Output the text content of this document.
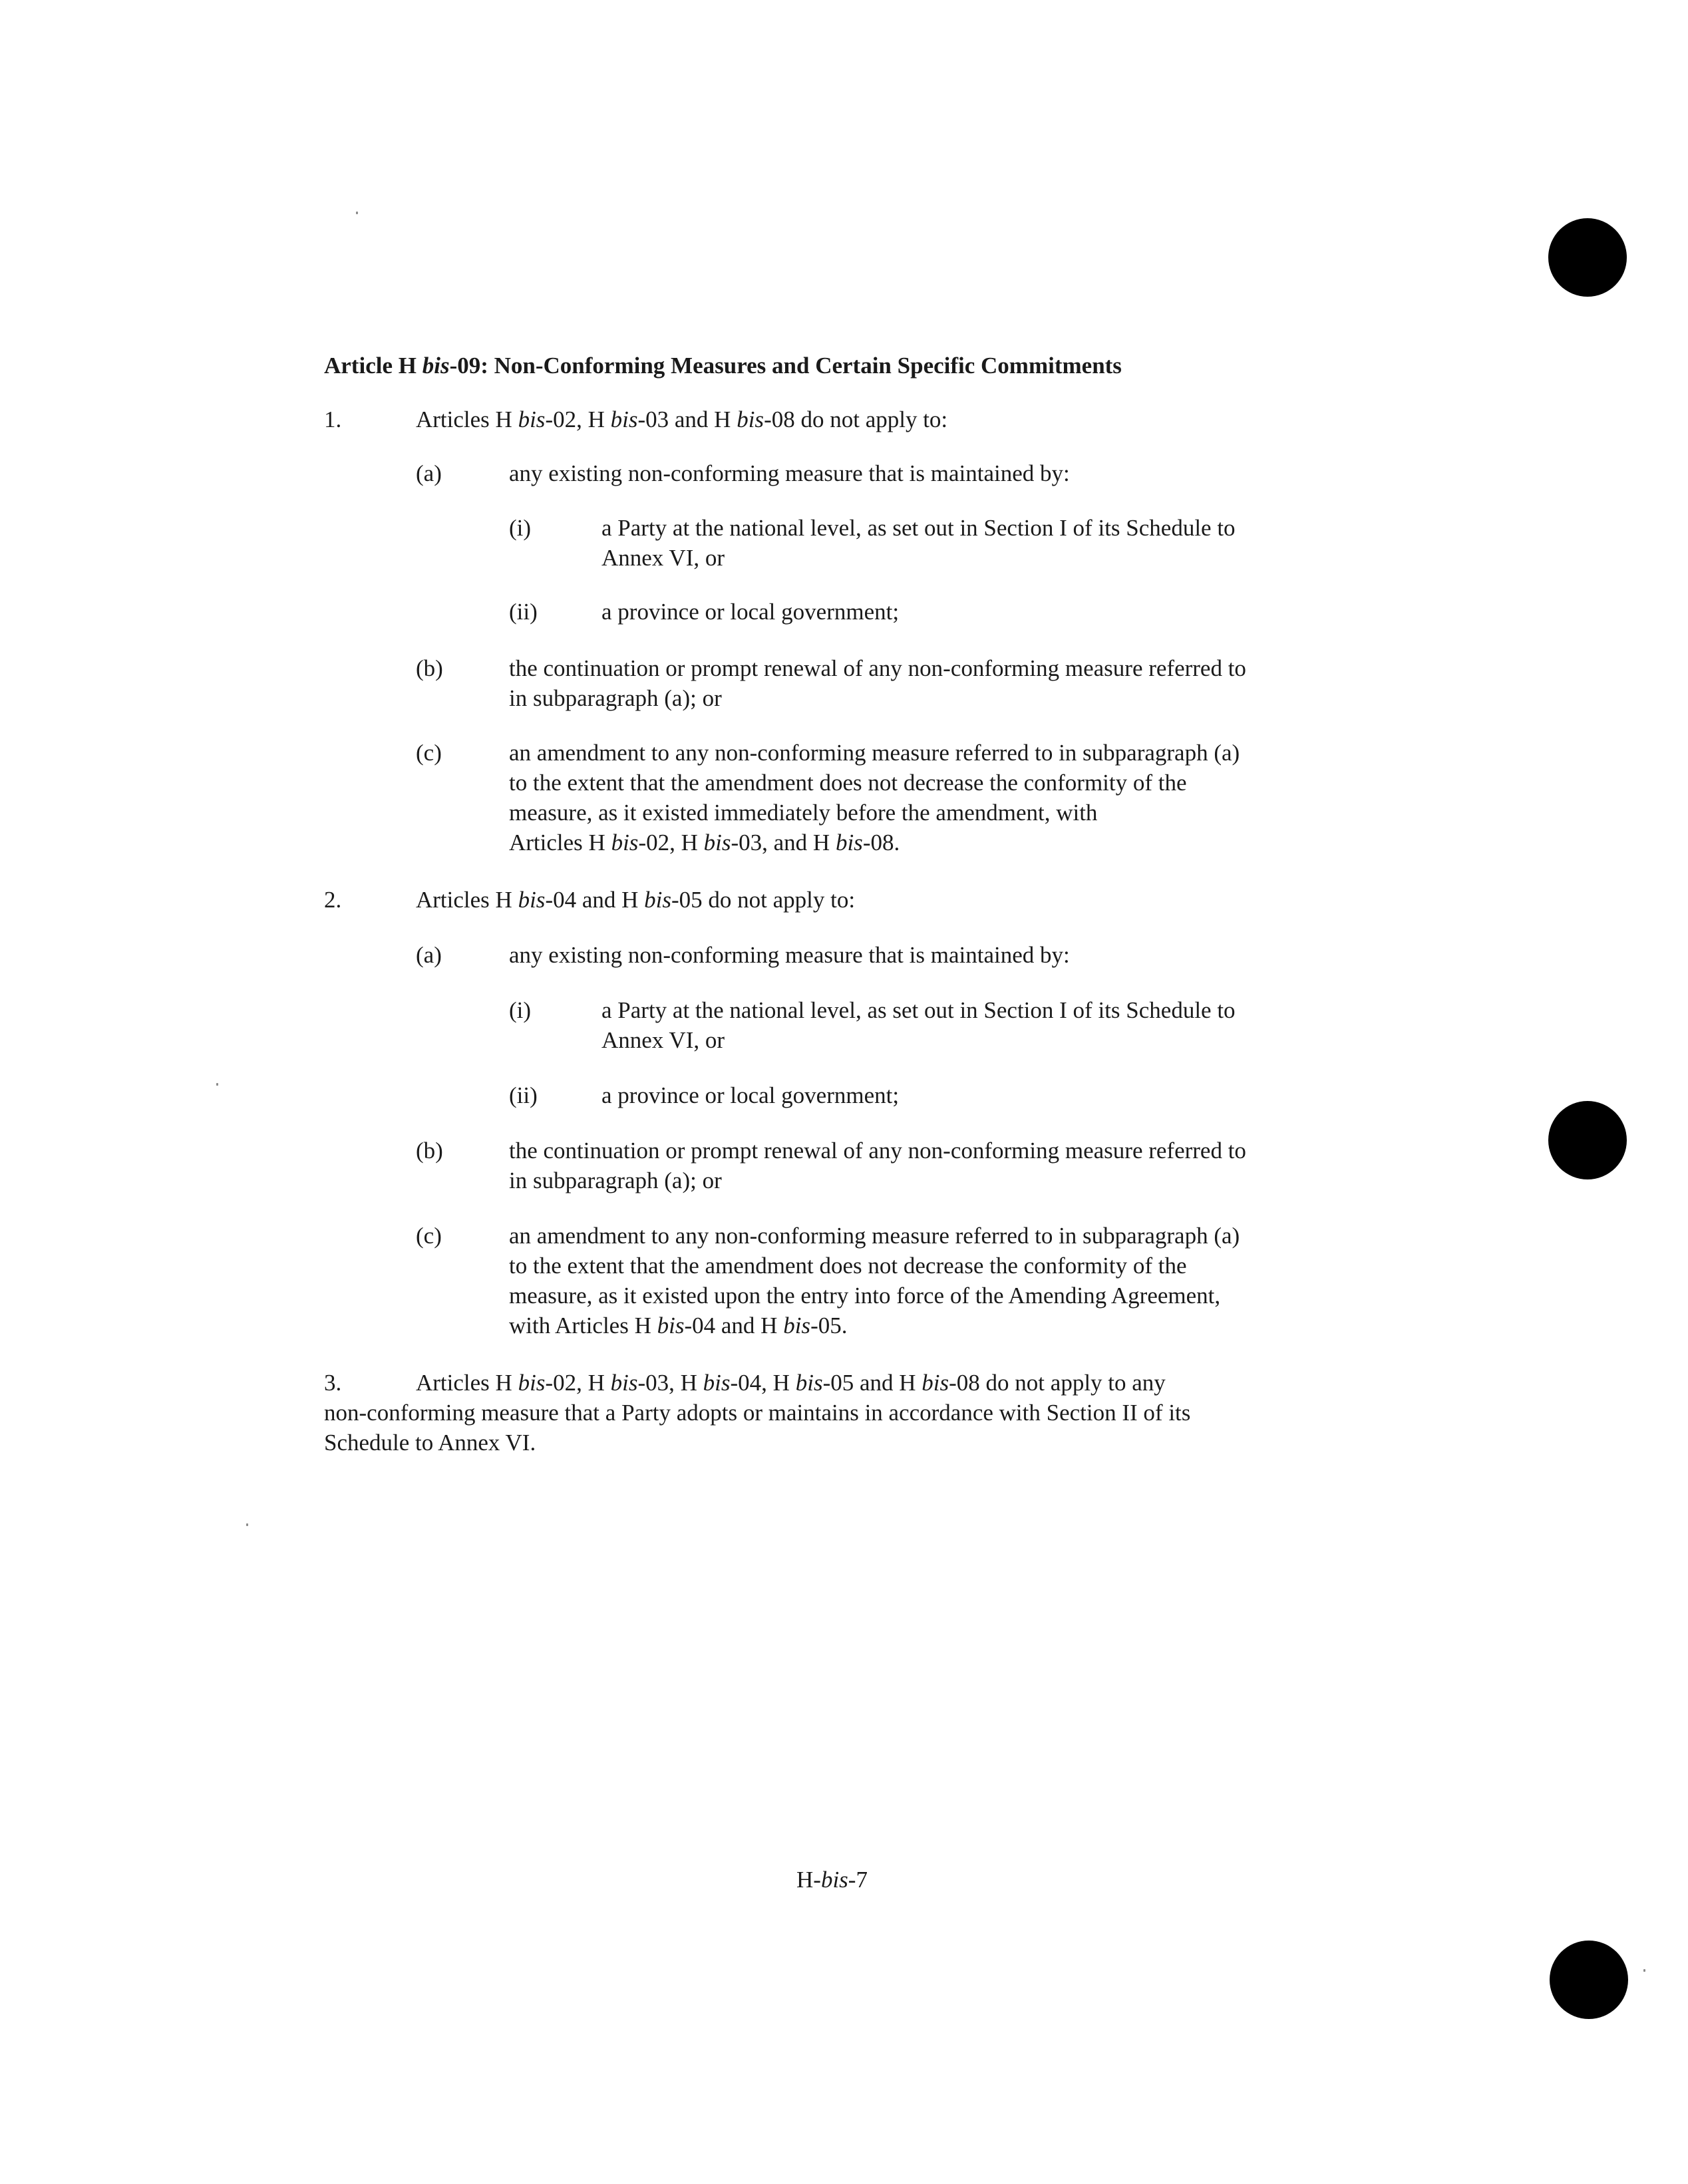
Article H bis-09: Non-Conforming Measures and Certain Specific Commitments
1.	Articles H bis-02, H bis-03 and H bis-08 do not apply to:
(a)	any existing non-conforming measure that is maintained by:
(i)	a Party at the national level, as set out in Section I of its Schedule to
Annex VI, or
(ii)	a province or local government;
(b)	the continuation or prompt renewal of any non-conforming measure referred to
in subparagraph (a); or
(c)	an amendment to any non-conforming measure referred to in subparagraph (a)
to the extent that the amendment does not decrease the conformity of the
measure, as it existed immediately before the amendment, with
Articles H bis-02, H bis-03, and H bis-08.
2.	Articles H bis-04 and H bis-05 do not apply to:
(a)	any existing non-conforming measure that is maintained by:
(i)	a Party at the national level, as set out in Section I of its Schedule to
Annex VI, or
(ii)	a province or local government;
(b)	the continuation or prompt renewal of any non-conforming measure referred to
in subparagraph (a); or
(c)	an amendment to any non-conforming measure referred to in subparagraph (a)
to the extent that the amendment does not decrease the conformity of the
measure, as it existed upon the entry into force of the Amending Agreement,
with Articles H bis-04 and H bis-05.
3.	Articles H bis-02, H bis-03, H bis-04, H bis-05 and H bis-08 do not apply to any
non-conforming measure that a Party adopts or maintains in accordance with Section II of its
Schedule to Annex VI.
H-bis-7
